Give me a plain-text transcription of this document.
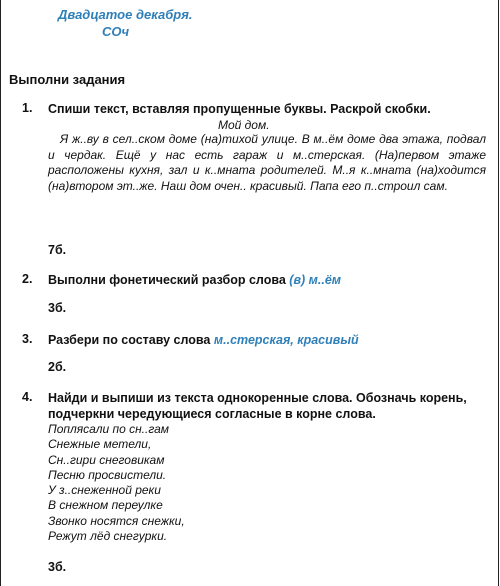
Двадцатое декабря.
СОч
Выполни задания
1. Спиши текст, вставляя пропущенные буквы. Раскрой скобки.
Мой дом.
Я ж..ву в сел..ском доме (на)тихой улице. В м..ём доме два этажа, подвал и чердак. Ещё у нас есть гараж и м..стерская. (На)первом этаже расположены кухня, зал и к..мната родителей. М..я к..мната (на)ходится (на)втором эт..же. Наш дом очен.. красивый. Папа его п..строил сам.
7б.
2. Выполни фонетический разбор слова (в) м..ём
3б.
3. Разбери по составу слова м..стерская, красивый
2б.
4. Найди и выпиши из текста однокоренные слова. Обозначь корень, подчеркни чередующиеся согласные в корне слова.
Поплясали по сн..гам
Снежные метели,
Сн..гири снеговикам
Песню просвистели.
У з..снеженной реки
В снежном переулке
Звонко носятся снежки,
Режут лёд снегурки.
3б.
